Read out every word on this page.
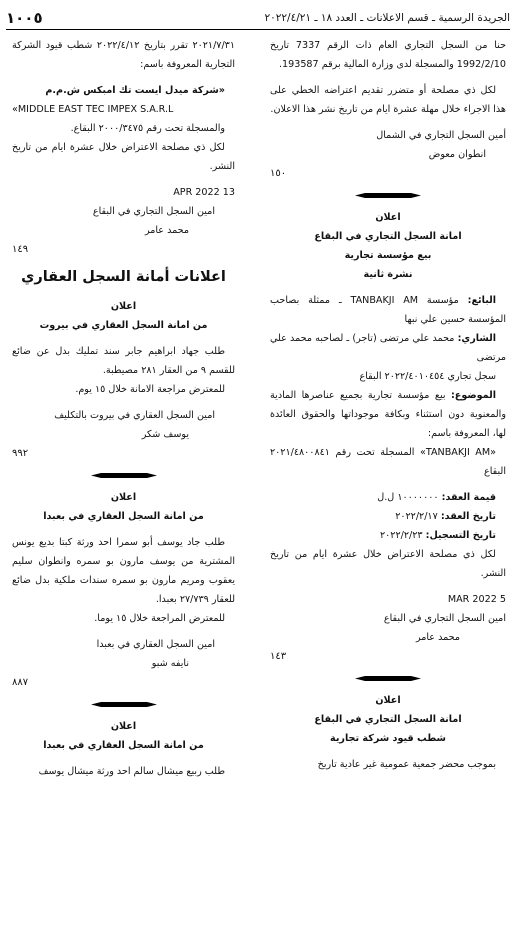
الجريدة الرسمية ـ قسم الاعلانات ـ العدد ١٨ ـ ٢٠٢٢/٤/٢١
١٠٠٥

حنا من السجل التجاري العام ذات الرقم 7337 تاريخ 1992/2/10 والمسجلة لدى وزارة المالية برقم 193587.

لكل ذي مصلحة أو متضرر تقديم اعتراضه الخطي على هذا الاجراء خلال مهلة عشرة ايام من تاريخ نشر هذا الاعلان.

أمين السجل التجاري في الشمال

انطوان معوض

١٥٠

اعلان

امانة السجل التجاري في البقاع

بيع مؤسسة تجارية

نشرة ثانية

البائع: مؤسسة TANBAKJI AM ـ ممثلة بصاحب المؤسسة حسين علي نبها

الشاري: محمد علي مرتضى (تاجر) ـ لصاحبه محمد علي مرتضى

سجل تجاري ٢٠٢٢/٤٠١٠٤٥٤ البقاع

الموضوع: بيع مؤسسة تجارية بجميع عناصرها المادية والمعنوية دون استثناء وبكافة موجوداتها والحقوق العائدة لها، المعروفة باسم:

«TANBAKJI AM» المسجلة تحت رقم ٢٠٢١/٤٨٠٠٨٤١ البقاع

قيمة العقد: ١٠٠٠٠٠٠٠ ل.ل

تاريخ العقد: ٢٠٢٢/٢/١٧

تاريخ التسجيل: ٢٠٢٢/٢/٢٣

لكل ذي مصلحة الاعتراض خلال عشرة ايام من تاريخ النشر.

5 MAR 2022

امين السجل التجاري في البقاع

محمد عامر

١٤٣

اعلان

امانة السجل التجاري في البقاع

شطب قيود شركة تجارية

بموجب محضر جمعية عمومية غير عادية تاريخ

٢٠٢١/٧/٣١ تقرر بتاريخ ٢٠٢٢/٤/١٢ شطب قيود الشركة التجارية المعروفة باسم:

«شركة ميدل ايست تك امبكس ش.م.م

«MIDDLE EAST TEC IMPEX S.A.R.L

والمسجلة تحت رقم ٢٠٠٠/٣٤٧٥ البقاع.

لكل ذي مصلحة الاعتراض خلال عشرة ايام من تاريخ النشر.

13 APR 2022

امين السجل التجاري في البقاع

محمد عامر

١٤٩

اعلانات أمانة السجل العقاري

اعلان

من امانة السجل العقاري في بيروت

طلب جهاد ابراهيم جابر سند تمليك بدل عن ضائع للقسم ٩ من العقار ٢٨١ مصيطبة.

للمعترض مراجعة الامانة خلال ١٥ يوم.

امين السجل العقاري في بيروت بالتكليف

يوسف شكر

٩٩٢

اعلان

من امانة السجل العقاري في بعبدا

طلب جاد يوسف أبو سمرا احد ورثة كبتا بديع يونس المشترية من يوسف مارون بو سمره وانطوان سليم يعقوب ومريم مارون بو سمره سندات ملكية بدل ضائع للعقار ٢٧/٧٣٩ بعبدا.

للمعترض المراجعة خلال ١٥ يوما.

امين السجل العقاري في بعبدا

نايفه شبو

٨٨٧

اعلان

من امانة السجل العقاري في بعبدا

طلب ربيع ميشال سالم احد ورثة ميشال يوسف
